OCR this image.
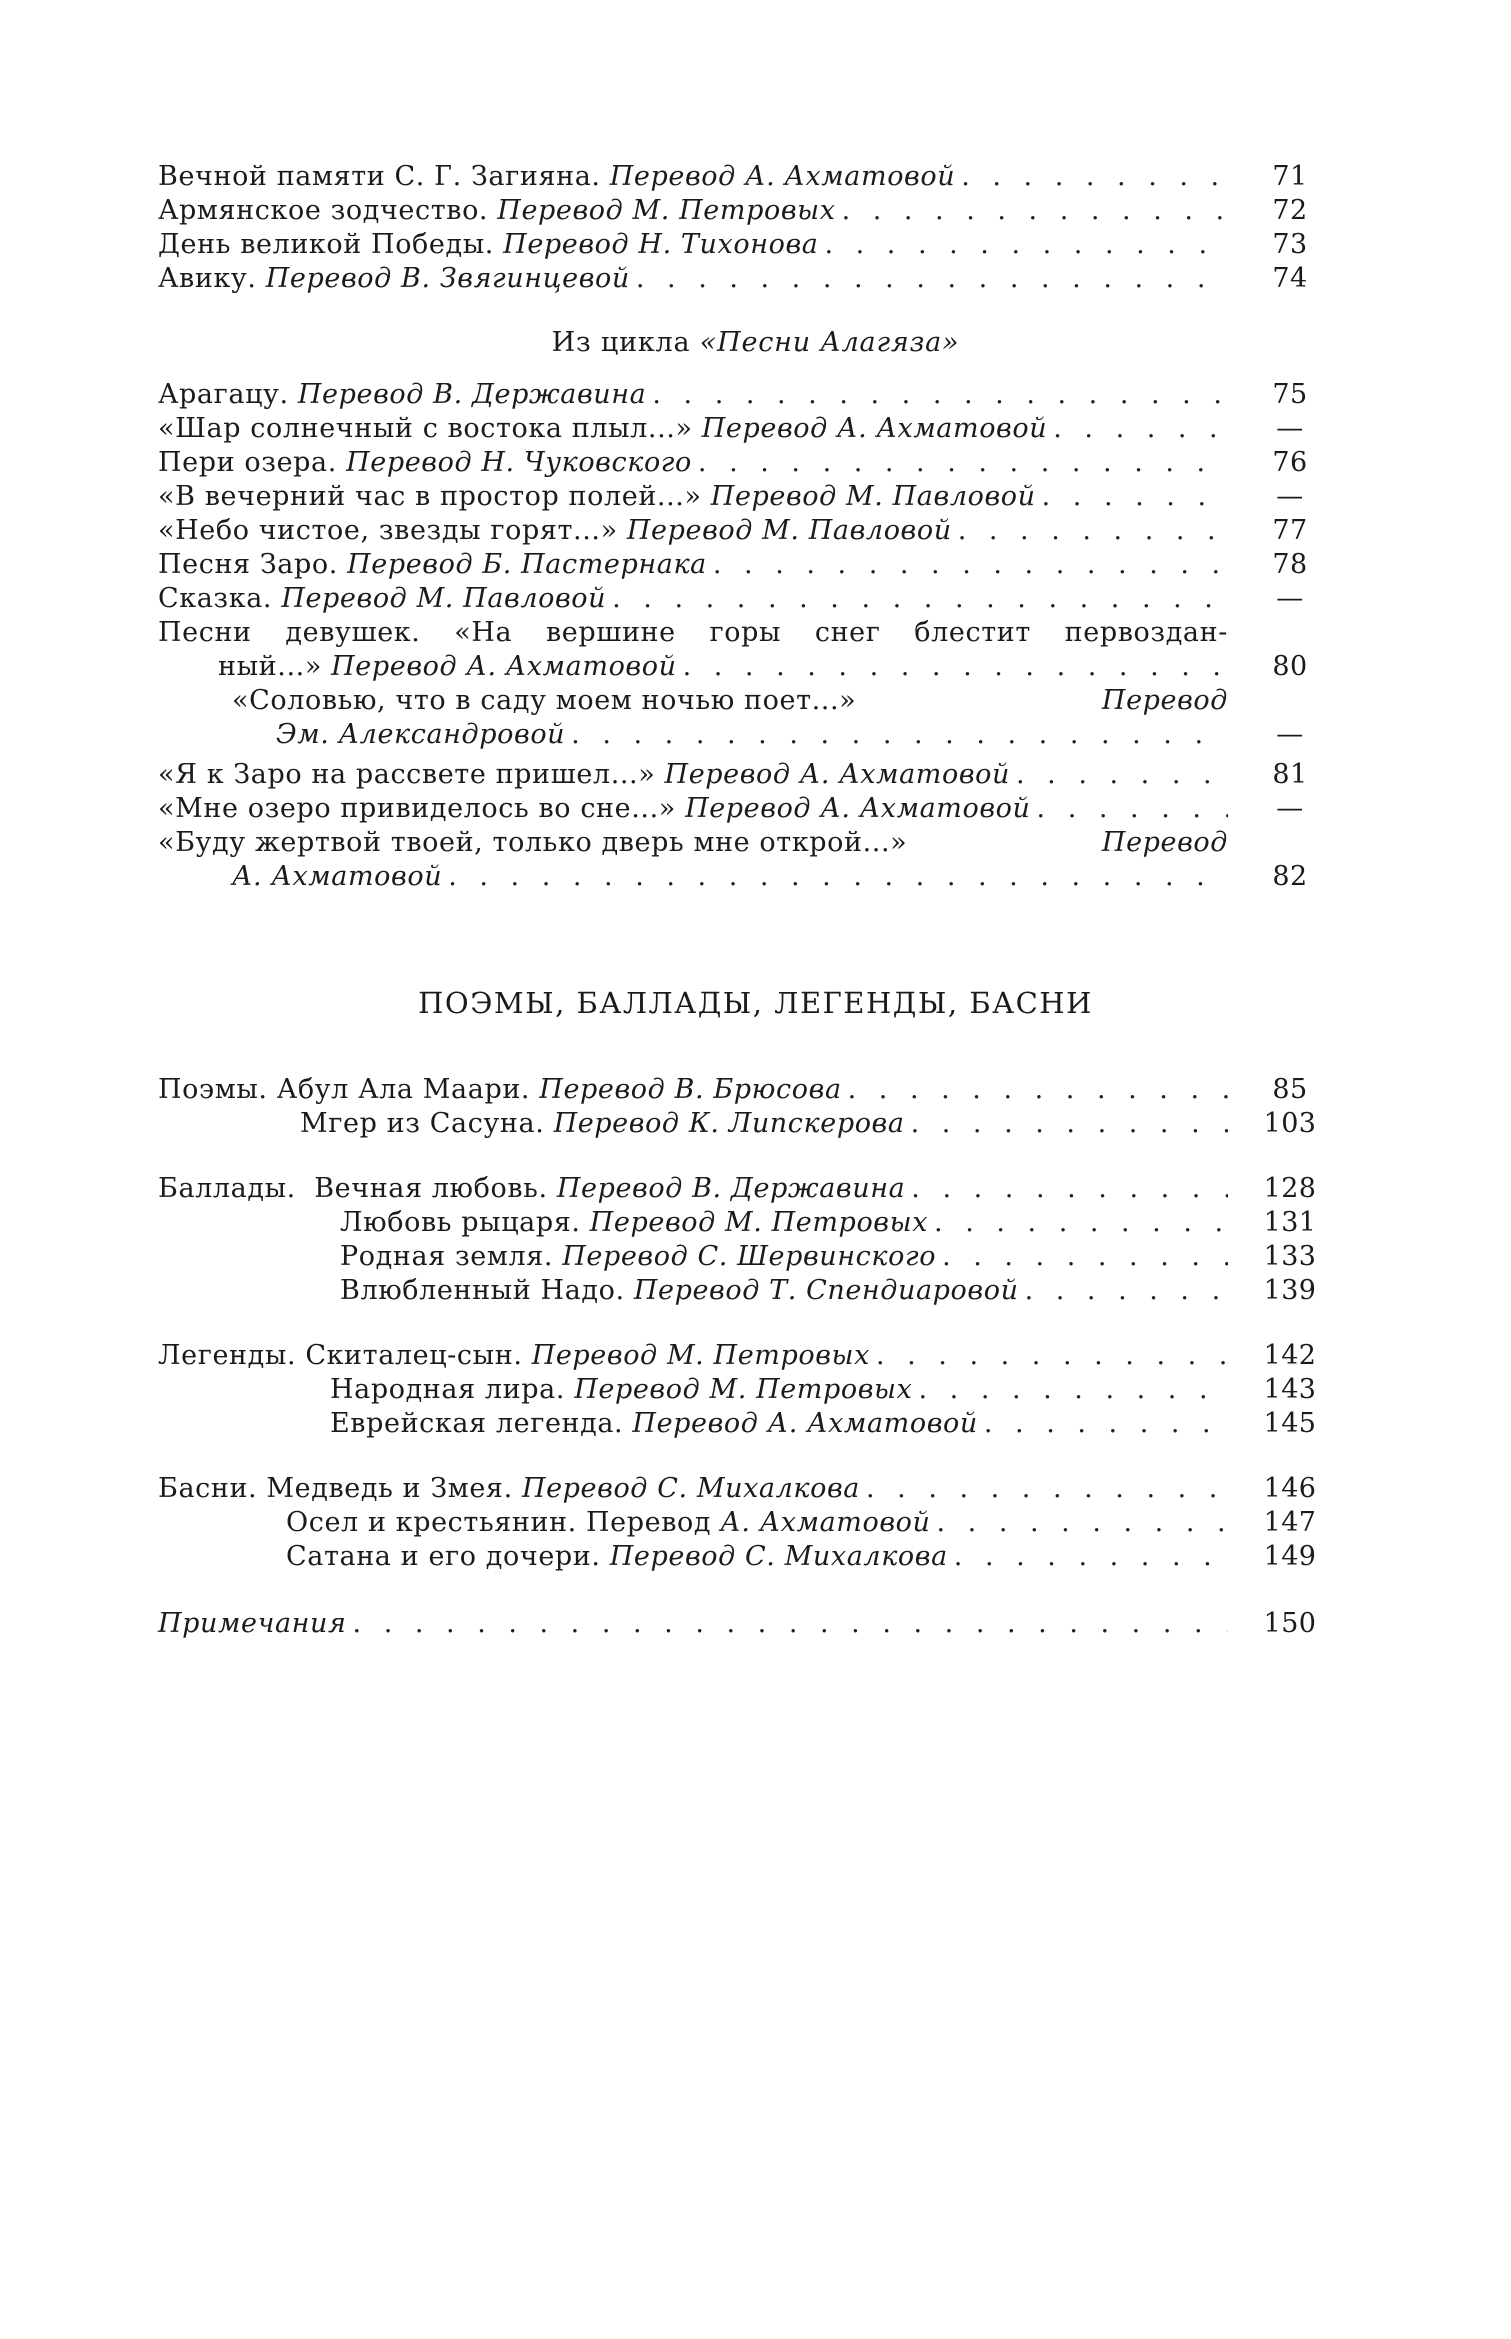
Вечной памяти С. Г. Загияна. Перевод А. Ахматовой . . .	71
Армянское зодчество. Перевод М. Петровых . . .	72
День великой Победы. Перевод Н. Тихонова . . .	73
Авику. Перевод В. Звягинцевой . . .	74
Из цикла «Песни Алагяза»
Арагацу. Перевод В. Державина . . .	75
«Шар солнечный с востока плыл...» Перевод А. Ахматовой . . .	—
Пери озера. Перевод Н. Чуковского . . .	76
«В вечерний час в простор полей...» Перевод М. Павловой . . .	—
«Небо чистое, звезды горят...» Перевод М. Павловой . . .	77
Песня Заро. Перевод Б. Пастернака . . .	78
Сказка. Перевод М. Павловой . . .	—
Песни девушек. «На вершине горы снег блестит первоздан-
ный...» Перевод А. Ахматовой . . .	80
«Соловью, что в саду моем ночью поет...»	Перевод
Эм. Александровой . . .	—
«Я к Заро на рассвете пришел...» Перевод А. Ахматовой . . .	81
«Мне озеро привиделось во сне...» Перевод А. Ахматовой . . .	—
«Буду жертвой твоей, только дверь мне открой...»	Перевод
А. Ахматовой . . .	82
ПОЭМЫ, БАЛЛАДЫ, ЛЕГЕНДЫ, БАСНИ
Поэмы. Абул Ала Маари. Перевод В. Брюсова . . .	85
Мгер из Сасуна. Перевод К. Липскерова . . .	103
Баллады. Вечная любовь. Перевод В. Державина . . .	128
Любовь рыцаря. Перевод М. Петровых . . .	131
Родная земля. Перевод С. Шервинского . . .	133
Влюбленный Надо. Перевод Т. Спендиаровой . . .	139
Легенды. Скиталец-сын. Перевод М. Петровых . . .	142
Народная лира. Перевод М. Петровых . . .	143
Еврейская легенда. Перевод А. Ахматовой . . .	145
Басни. Медведь и Змея. Перевод С. Михалкова . . .	146
Осел и крестьянин. Перевод А. Ахматовой . . .	147
Сатана и его дочери. Перевод С. Михалкова . . .	149
Примечания . . .	150
